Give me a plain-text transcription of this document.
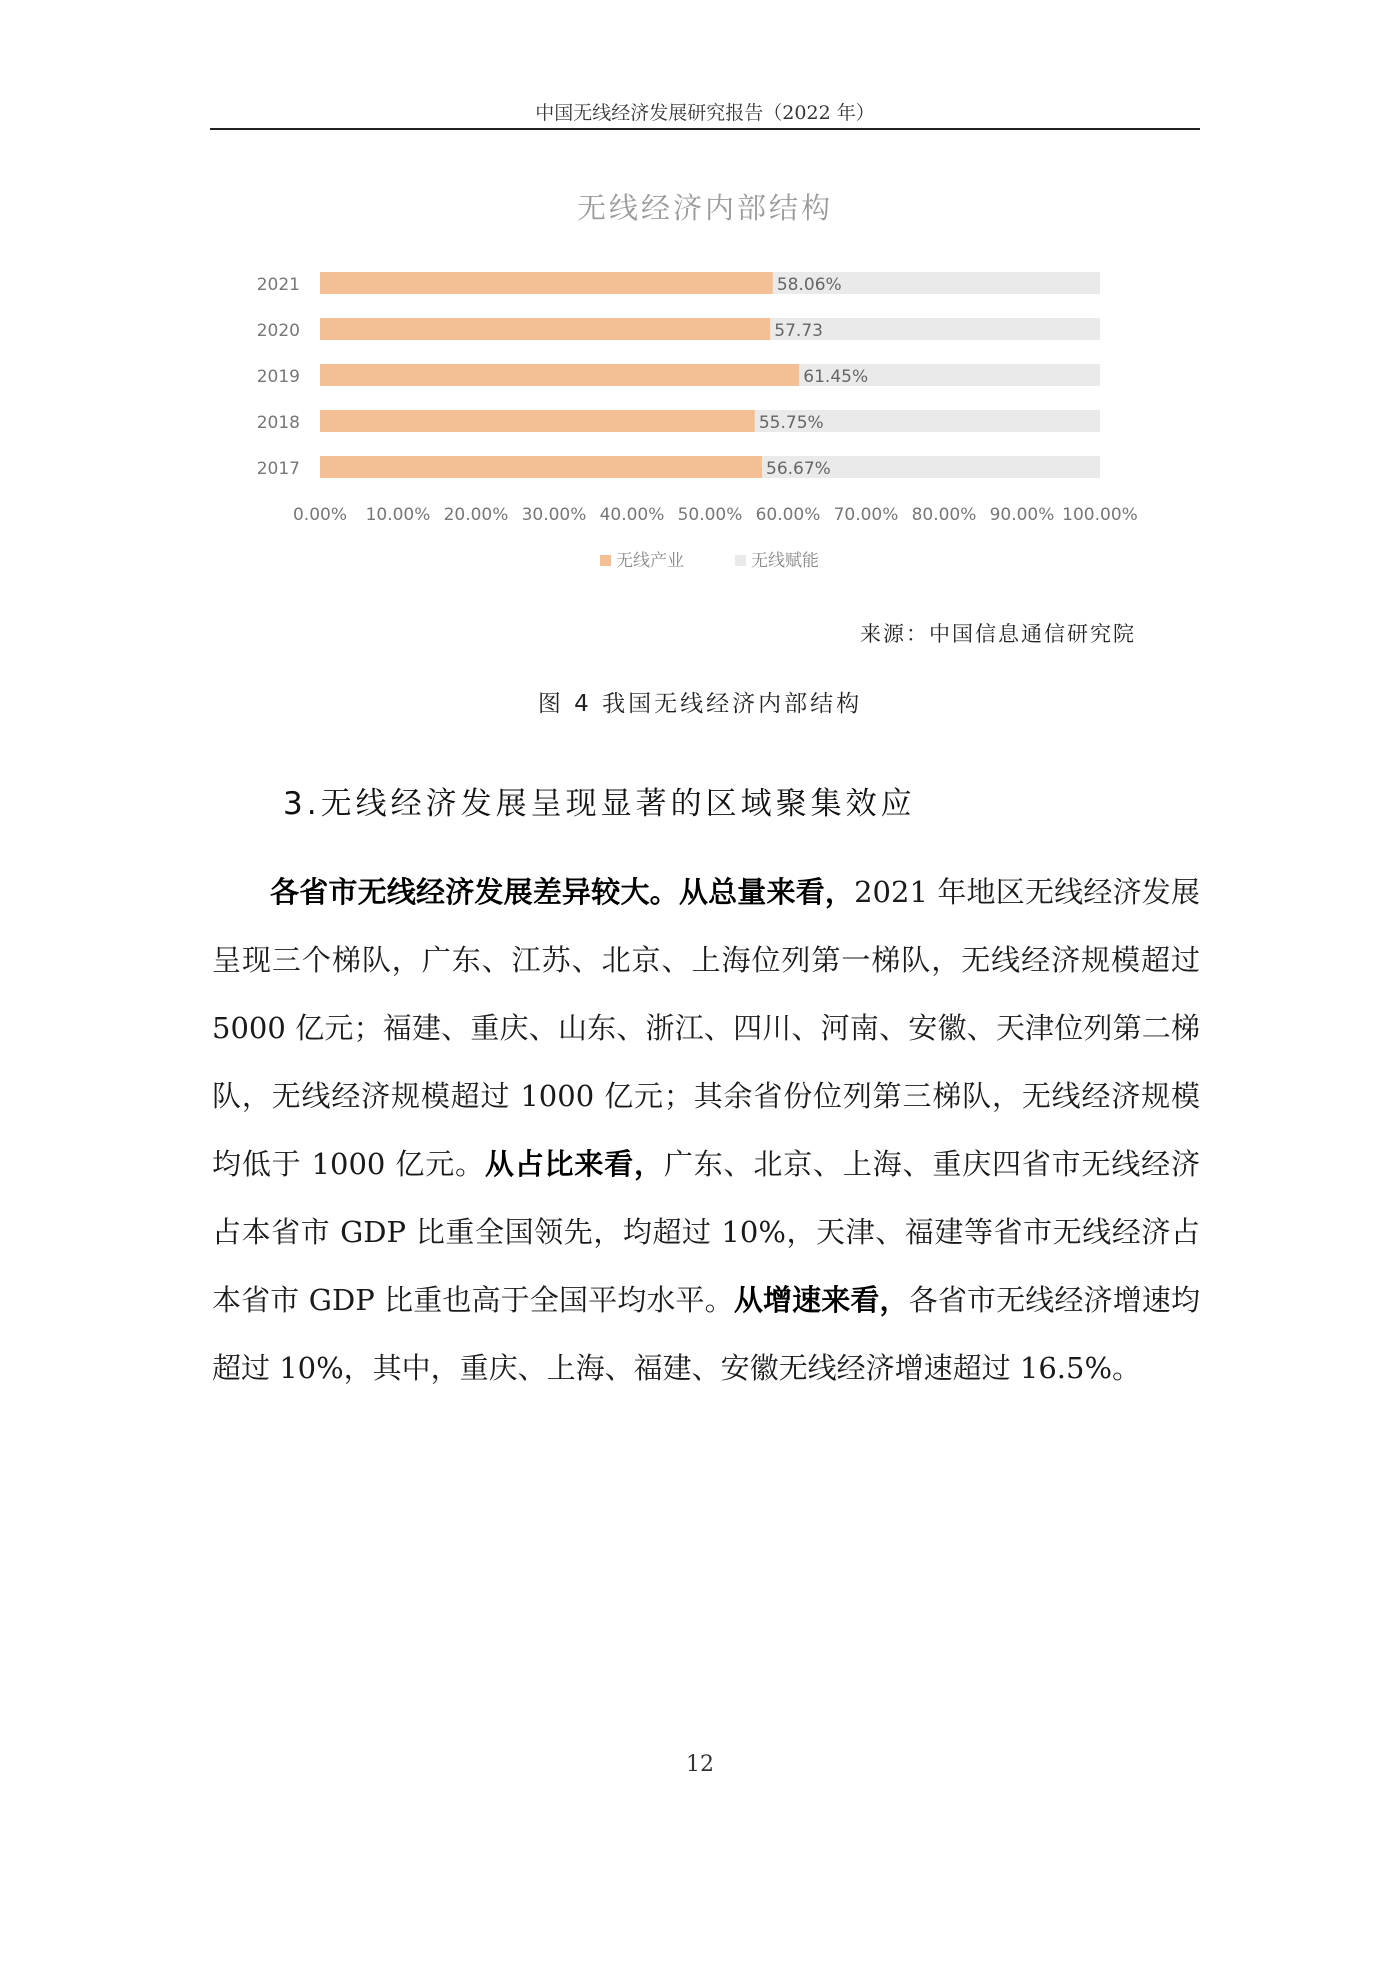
中国无线经济发展研究报告（2022 年）
无线经济内部结构
2021
2020
2019
2018
2017
58.06%
57.73
61.45%
55.75%
56.67%
0.00% 10.00% 20.00% 30.00% 40.00% 50.00% 60.00% 70.00% 80.00% 90.00% 100.00%
无线产业	无线赋能
来源：中国信息通信研究院
图 4 我国无线经济内部结构
3.无线经济发展呈现显著的区域聚集效应
各省市无线经济发展差异较大。从总量来看，2021 年地区无线经济发展呈现三个梯队，广东、江苏、北京、上海位列第一梯队，无线经济规模超过 5000 亿元；福建、重庆、山东、浙江、四川、河南、安徽、天津位列第二梯队，无线经济规模超过 1000 亿元；其余省份位列第三梯队，无线经济规模均低于 1000 亿元。从占比来看，广东、北京、上海、重庆四省市无线经济占本省市 GDP 比重全国领先，均超过 10%，天津、福建等省市无线经济占本省市 GDP 比重也高于全国平均水平。从增速来看，各省市无线经济增速均超过 10%，其中，重庆、上海、福建、安徽无线经济增速超过 16.5%。
12
